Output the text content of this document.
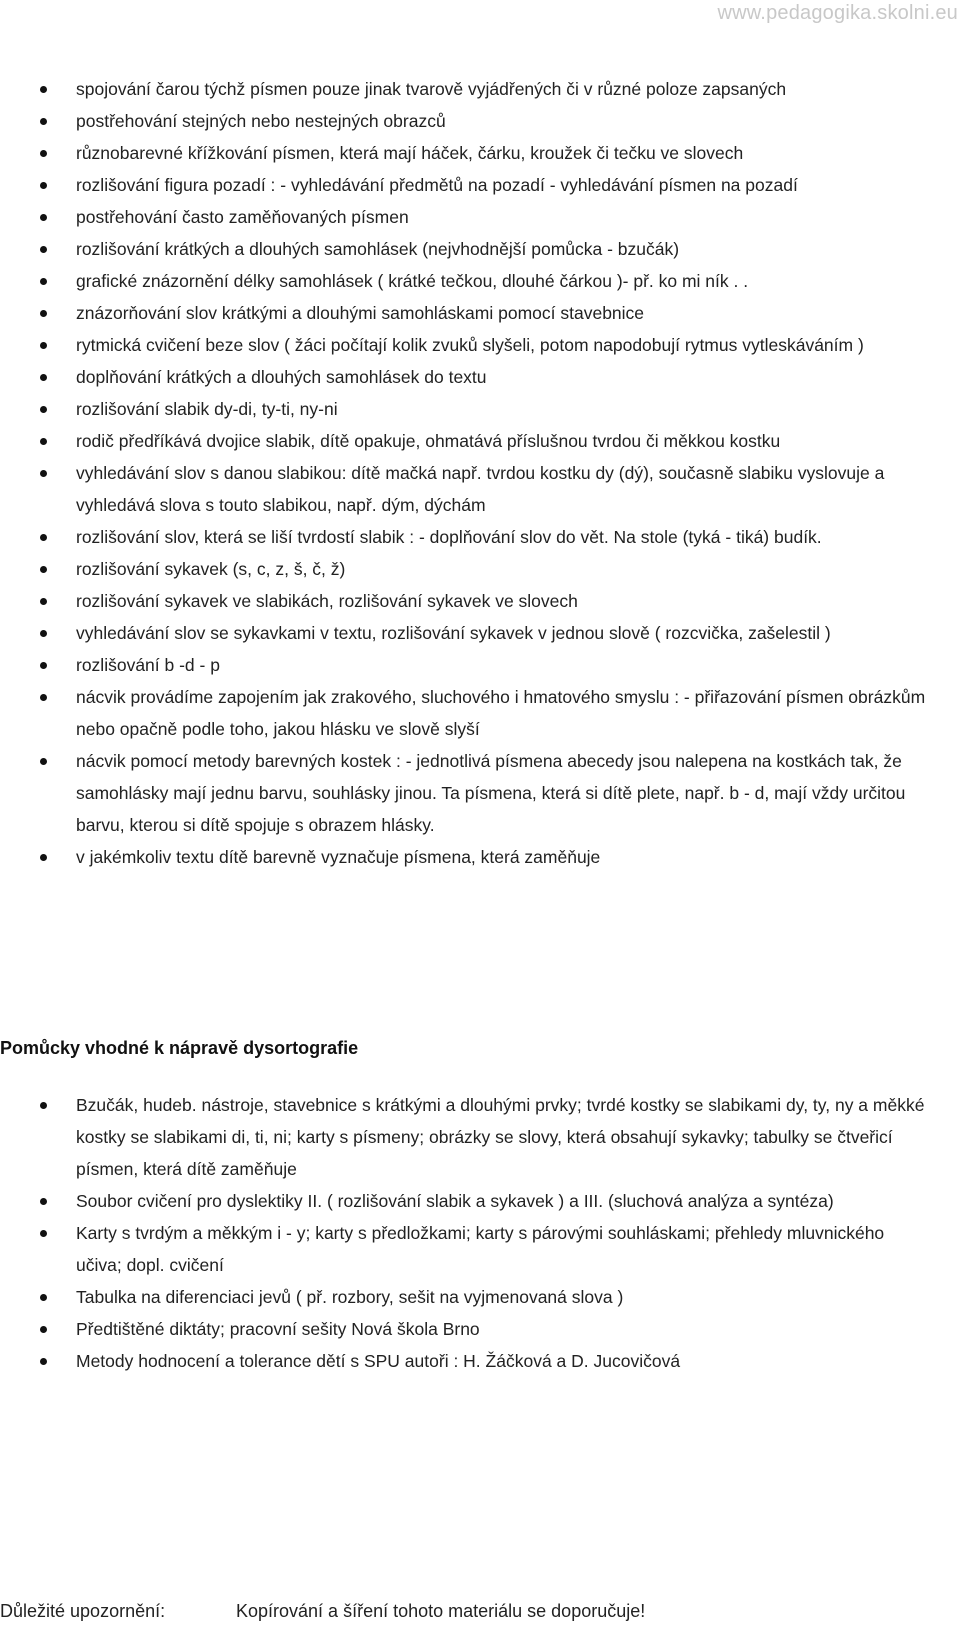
www.pedagogika.skolni.eu
spojování čarou týchž písmen pouze jinak tvarově vyjádřených či v různé poloze zapsaných
postřehování stejných nebo nestejných obrazců
různobarevné křížkování písmen, která mají háček, čárku, kroužek či tečku ve slovech
rozlišování figura pozadí : - vyhledávání předmětů na pozadí - vyhledávání písmen na pozadí
postřehování často zaměňovaných písmen
rozlišování krátkých a dlouhých samohlásek (nejvhodnější pomůcka - bzučák)
grafické znázornění délky samohlásek ( krátké tečkou, dlouhé čárkou )- př. ko mi ník . .
znázorňování slov krátkými a dlouhými samohláskami pomocí stavebnice
rytmická cvičení beze slov ( žáci počítají kolik zvuků slyšeli, potom napodobují rytmus vytleskáváním )
doplňování krátkých a dlouhých samohlásek do textu
rozlišování slabik dy-di, ty-ti, ny-ni
rodič předříkává dvojice slabik, dítě opakuje, ohmatává příslušnou tvrdou či měkkou kostku
vyhledávání slov s danou slabikou: dítě mačká např. tvrdou kostku dy (dý), současně slabiku vyslovuje a vyhledává slova s touto slabikou, např. dým, dýchám
rozlišování slov, která se liší tvrdostí slabik : - doplňování slov do vět. Na stole (tyká - tiká) budík.
rozlišování sykavek (s, c, z, š, č, ž)
rozlišování sykavek ve slabikách, rozlišování sykavek ve slovech
vyhledávání slov se sykavkami v textu, rozlišování sykavek v jednou slově ( rozcvička, zašelestil )
rozlišování b -d - p
nácvik provádíme zapojením jak zrakového, sluchového i hmatového smyslu : - přiřazování písmen obrázkům nebo opačně podle toho, jakou hlásku ve slově slyší
nácvik pomocí metody barevných kostek : - jednotlivá písmena abecedy jsou nalepena na kostkách tak, že samohlásky mají jednu barvu, souhlásky jinou. Ta písmena, která si dítě plete, např. b - d, mají vždy určitou barvu, kterou si dítě spojuje s obrazem hlásky.
v jakémkoliv textu dítě barevně vyznačuje písmena, která zaměňuje
Pomůcky vhodné k nápravě dysortografie
Bzučák, hudeb. nástroje, stavebnice s krátkými a dlouhými prvky; tvrdé kostky se slabikami dy, ty, ny a měkké kostky se slabikami di, ti, ni; karty s písmeny; obrázky se slovy, která obsahují sykavky; tabulky se čtveřicí písmen, která dítě zaměňuje
Soubor cvičení pro dyslektiky II. ( rozlišování slabik a sykavek ) a III. (sluchová analýza a syntéza)
Karty s tvrdým a měkkým i - y; karty s předložkami; karty s párovými souhláskami; přehledy mluvnického učiva; dopl. cvičení
Tabulka na diferenciaci jevů ( př. rozbory, sešit na vyjmenovaná slova )
Předtištěné diktáty; pracovní sešity Nová škola Brno
Metody hodnocení a tolerance dětí s SPU autoři : H. Žáčková a D. Jucovičová
Důležité upozornění:	Kopírování a šíření tohoto materiálu se doporučuje!
